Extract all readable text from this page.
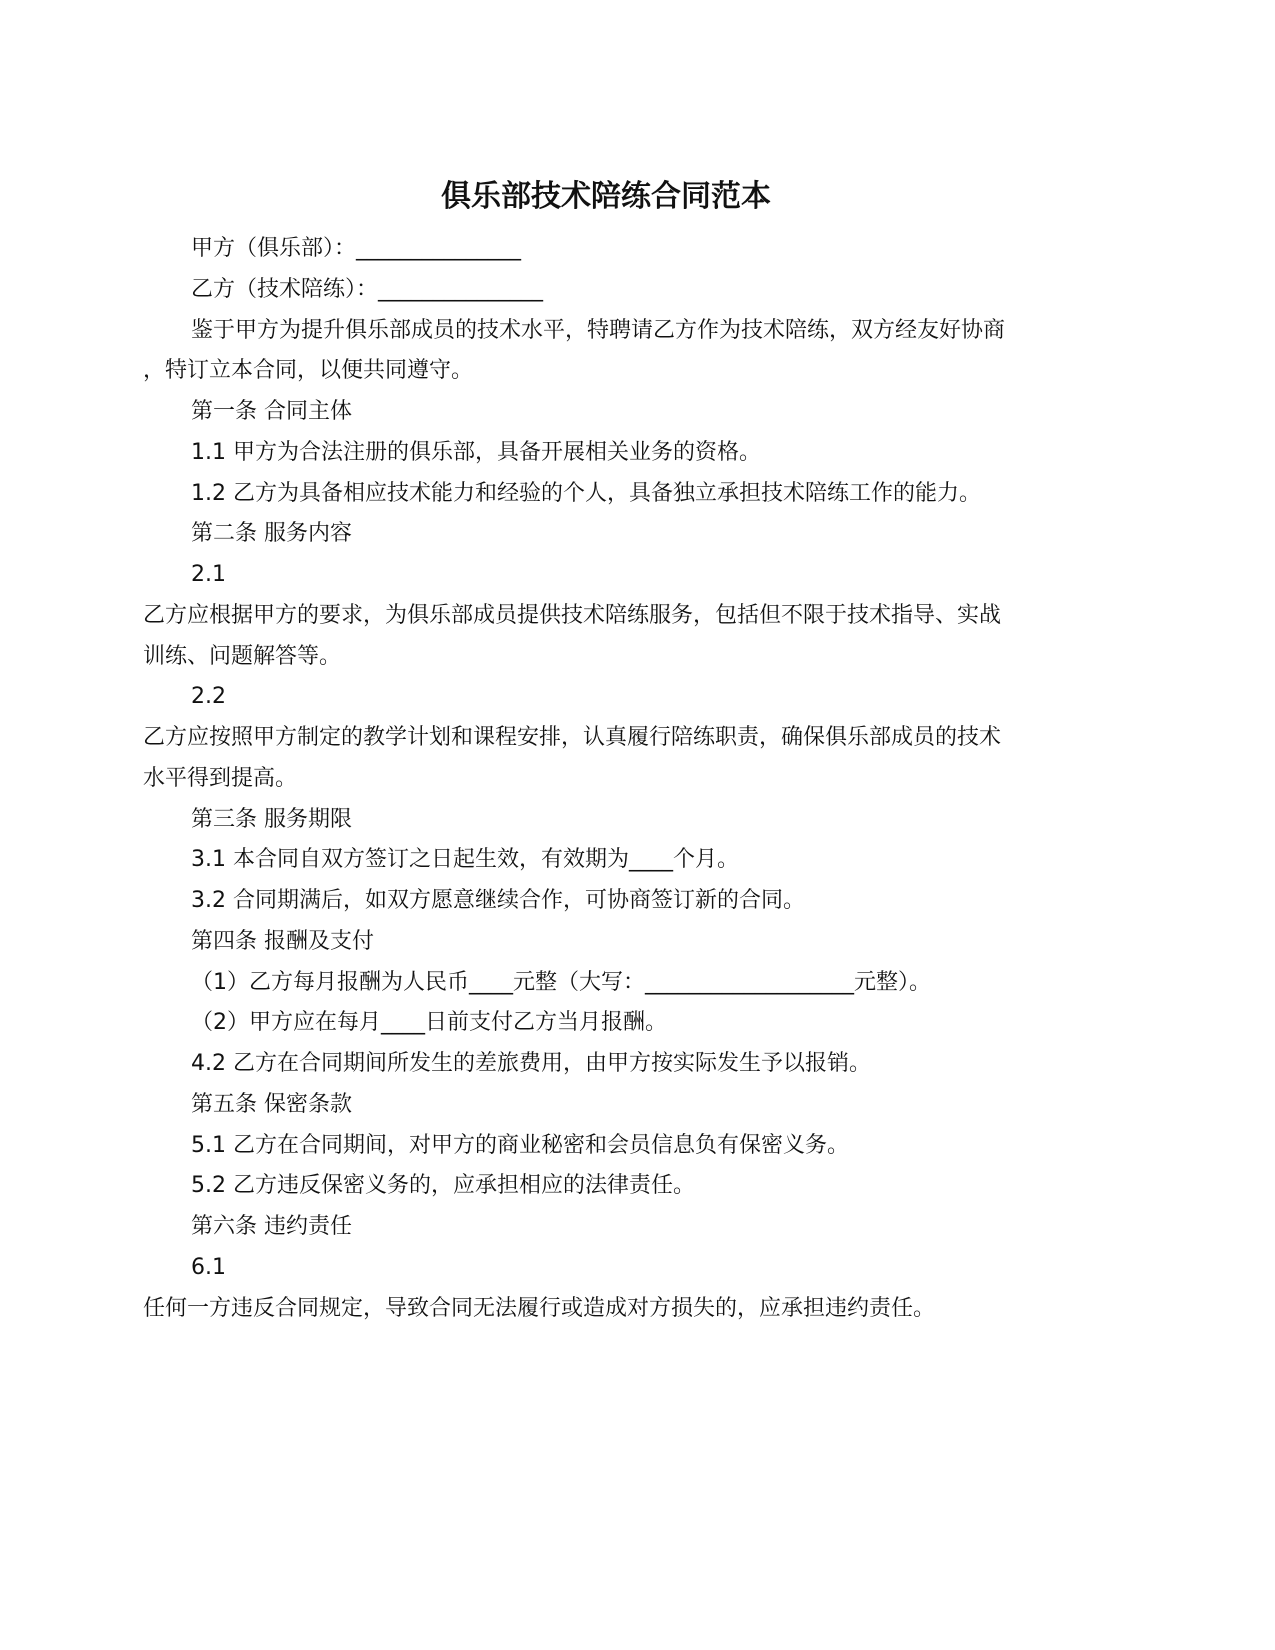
俱乐部技术陪练合同范本
甲方（俱乐部）：_______________
乙方（技术陪练）：_______________
鉴于甲方为提升俱乐部成员的技术水平，特聘请乙方作为技术陪练，双方经友好协商
，特订立本合同，以便共同遵守。
第一条 合同主体
1.1 甲方为合法注册的俱乐部，具备开展相关业务的资格。
1.2 乙方为具备相应技术能力和经验的个人，具备独立承担技术陪练工作的能力。
第二条 服务内容
2.1
乙方应根据甲方的要求，为俱乐部成员提供技术陪练服务，包括但不限于技术指导、实战
训练、问题解答等。
2.2
乙方应按照甲方制定的教学计划和课程安排，认真履行陪练职责，确保俱乐部成员的技术
水平得到提高。
第三条 服务期限
3.1 本合同自双方签订之日起生效，有效期为____个月。
3.2 合同期满后，如双方愿意继续合作，可协商签订新的合同。
第四条 报酬及支付
（1）乙方每月报酬为人民币____元整（大写：___________________元整）。
（2）甲方应在每月____日前支付乙方当月报酬。
4.2 乙方在合同期间所发生的差旅费用，由甲方按实际发生予以报销。
第五条 保密条款
5.1 乙方在合同期间，对甲方的商业秘密和会员信息负有保密义务。
5.2 乙方违反保密义务的，应承担相应的法律责任。
第六条 违约责任
6.1
任何一方违反合同规定，导致合同无法履行或造成对方损失的，应承担违约责任。
